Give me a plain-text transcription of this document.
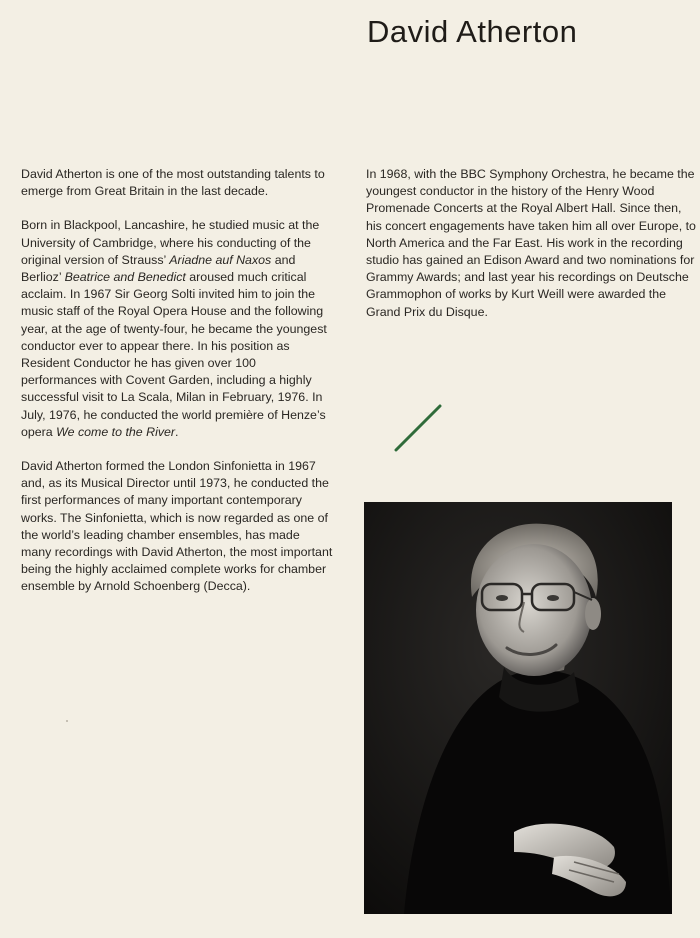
David Atherton

David Atherton is one of the most outstanding talents to emerge from Great Britain in the last decade.

Born in Blackpool, Lancashire, he studied music at the University of Cambridge, where his conducting of the original version of Strauss’ Ariadne auf Naxos and Berlioz’ Beatrice and Benedict aroused much critical acclaim. In 1967 Sir Georg Solti invited him to join the music staff of the Royal Opera House and the following year, at the age of twenty-four, he became the youngest conductor ever to appear there. In his position as Resident Conductor he has given over 100 performances with Covent Garden, including a highly successful visit to La Scala, Milan in February, 1976. In July, 1976, he conducted the world première of Henze’s opera We come to the River.

David Atherton formed the London Sinfonietta in 1967 and, as its Musical Director until 1973, he conducted the first performances of many important contemporary works. The Sinfonietta, which is now regarded as one of the world’s leading chamber ensembles, has made many recordings with David Atherton, the most important being the highly acclaimed complete works for chamber ensemble by Arnold Schoenberg (Decca).

In 1968, with the BBC Symphony Orchestra, he became the youngest conductor in the history of the Henry Wood Promenade Concerts at the Royal Albert Hall. Since then, his concert engagements have taken him all over Europe, to North America and the Far East. His work in the recording studio has gained an Edison Award and two nominations for Grammy Awards; and last year his recordings on Deutsche Grammophon of works by Kurt Weill were awarded the Grand Prix du Disque.
